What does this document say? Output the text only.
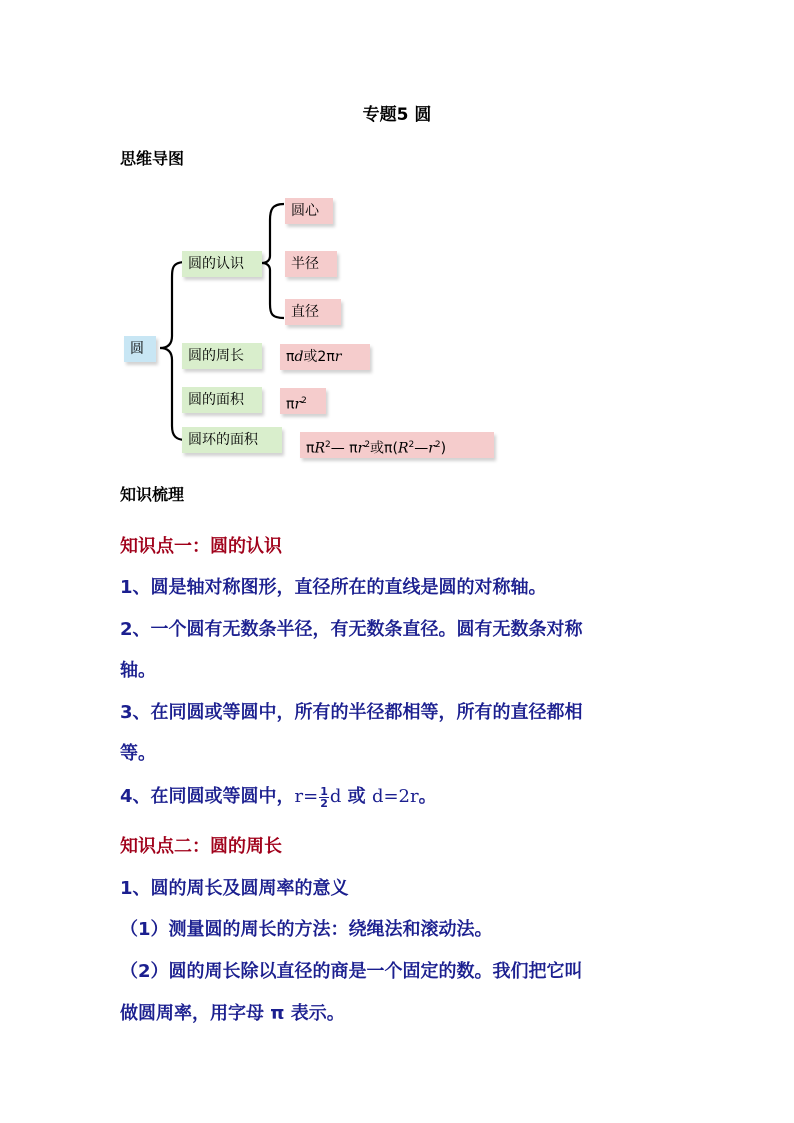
专题5 圆
思维导图
圆
圆的认识
圆心
半径
直径
圆的周长	πd或2πr
圆的面积	$\pi r^2$
圆环的面积
$\pi R^2—$ $\pi r^2$或$\pi(R^2—r^2)$
知识梳理
知识点一：圆的认识
1、圆是轴对称图形，直径所在的直线是圆的对称轴。
2、一个圆有无数条半径，有无数条直径。圆有无数条对称
轴。
3、在同圆或等圆中，所有的半径都相等，所有的直径都相
等。
4、在同圆或等圆中，$r= \frac{1}{2}$ d 或 d=2r。
知识点二：圆的周长
1、圆的周长及圆周率的意义
（1）测量圆的周长的方法：绕绳法和滚动法。
（2）圆的周长除以直径的商是一个固定的数。我们把它叫
做圆周率，用字母 π 表示。
